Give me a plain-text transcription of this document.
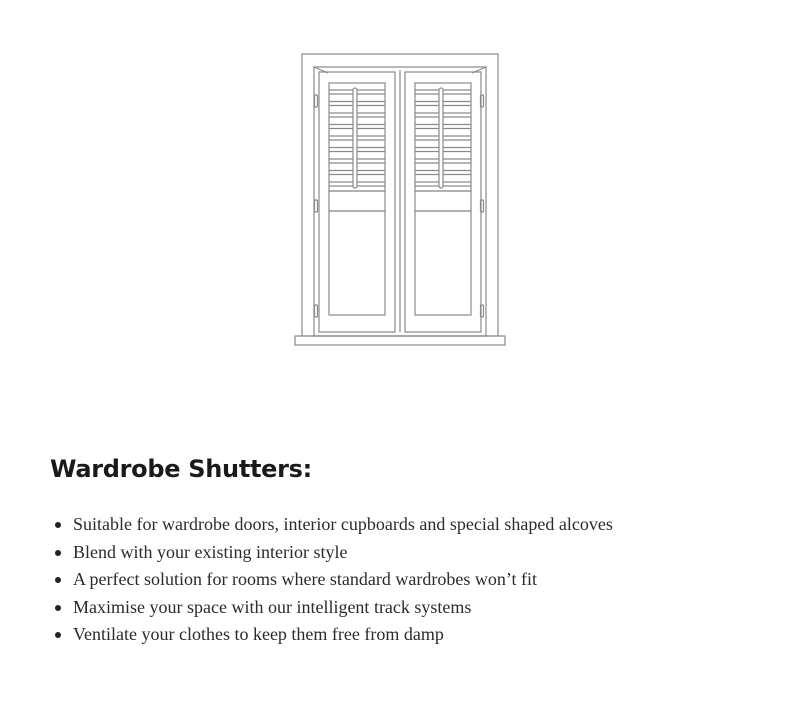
Wardrobe Shutters:
Suitable for wardrobe doors, interior cupboards and special shaped alcoves
Blend with your existing interior style
A perfect solution for rooms where standard wardrobes won’t fit
Maximise your space with our intelligent track systems
Ventilate your clothes to keep them free from damp
